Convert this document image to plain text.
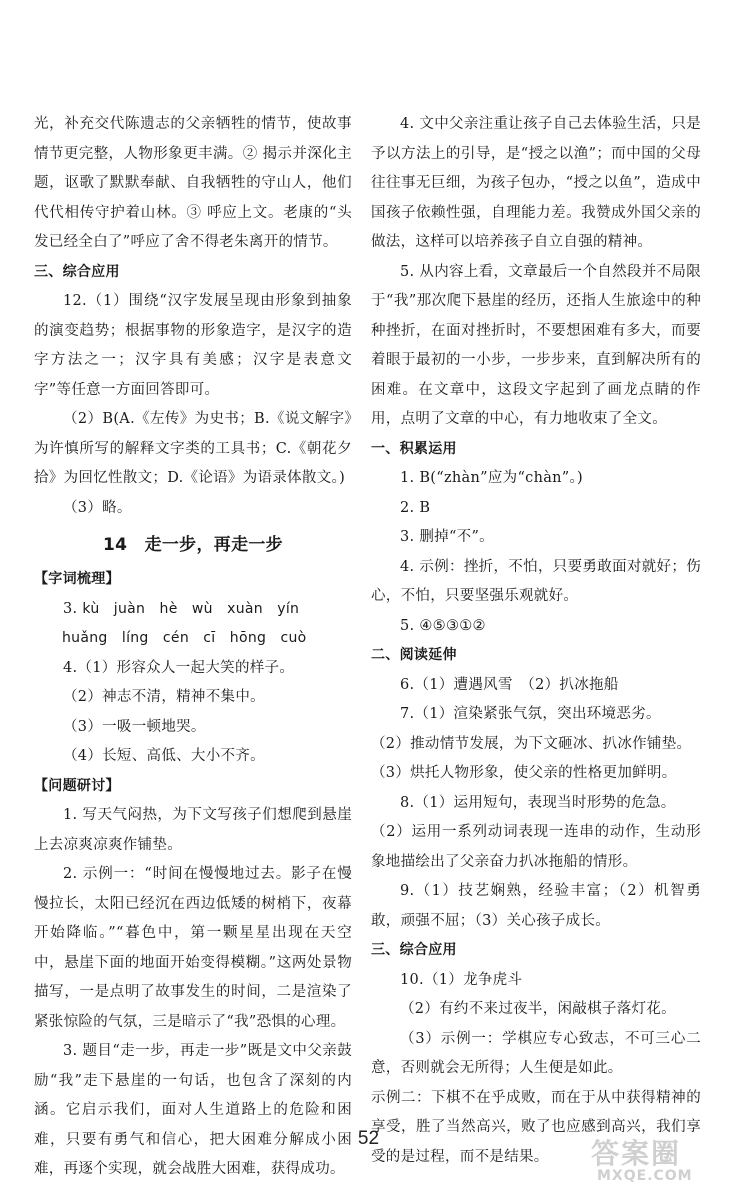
光，补充交代陈遗志的父亲牺牲的情节，使故事情节更完整，人物形象更丰满。② 揭示并深化主题，讴歌了默默奉献、自我牺牲的守山人，他们代代相传守护着山林。③ 呼应上文。老康的“头发已经全白了”呼应了舍不得老朱离开的情节。

三、综合应用

12.（1）围绕“汉字发展呈现由形象到抽象的演变趋势；根据事物的形象造字，是汉字的造字方法之一；汉字具有美感；汉字是表意文字”等任意一方面回答即可。

（2）B(A.《左传》为史书；B.《说文解字》为许慎所写的解释文字类的工具书；C.《朝花夕拾》为回忆性散文；D.《论语》为语录体散文。)

（3）略。

14　走一步，再走一步

【字词梳理】

3. kù　juàn　hè　wù　xuàn　yín

huǎng　líng　cén　cī　hōng　cuò

4.（1）形容众人一起大笑的样子。

（2）神志不清，精神不集中。

（3）一吸一顿地哭。

（4）长短、高低、大小不齐。

【问题研讨】

1. 写天气闷热，为下文写孩子们想爬到悬崖上去凉爽凉爽作铺垫。

2. 示例一：“时间在慢慢地过去。影子在慢慢拉长，太阳已经沉在西边低矮的树梢下，夜幕开始降临。”“暮色中，第一颗星星出现在天空中，悬崖下面的地面开始变得模糊。”这两处景物描写，一是点明了故事发生的时间，二是渲染了紧张惊险的气氛，三是暗示了“我”恐惧的心理。

3. 题目“走一步，再走一步”既是文中父亲鼓励“我”走下悬崖的一句话，也包含了深刻的内涵。它启示我们，面对人生道路上的危险和困难，只要有勇气和信心，把大困难分解成小困难，再逐个实现，就会战胜大困难，获得成功。

4. 文中父亲注重让孩子自己去体验生活，只是予以方法上的引导，是“授之以渔”；而中国的父母往往事无巨细，为孩子包办，“授之以鱼”，造成中国孩子依赖性强，自理能力差。我赞成外国父亲的做法，这样可以培养孩子自立自强的精神。

5. 从内容上看，文章最后一个自然段并不局限于“我”那次爬下悬崖的经历，还指人生旅途中的种种挫折，在面对挫折时，不要想困难有多大，而要着眼于最初的一小步，一步步来，直到解决所有的困难。在文章中，这段文字起到了画龙点睛的作用，点明了文章的中心，有力地收束了全文。

一、积累运用

1. B(“zhàn”应为“chàn”。)

2. B

3. 删掉“不”。

4. 示例：挫折，不怕，只要勇敢面对就好；伤心，不怕，只要坚强乐观就好。

5. ④⑤③①②

二、阅读延伸

6.（1）遭遇风雪　（2）扒冰拖船

7.（1）渲染紧张气氛，突出环境恶劣。

（2）推动情节发展，为下文砸冰、扒冰作铺垫。

（3）烘托人物形象，使父亲的性格更加鲜明。

8.（1）运用短句，表现当时形势的危急。

（2）运用一系列动词表现一连串的动作，生动形象地描绘出了父亲奋力扒冰拖船的情形。

9.（1）技艺娴熟，经验丰富；（2）机智勇敢，顽强不屈；（3）关心孩子成长。

三、综合应用

10.（1）龙争虎斗

（2）有约不来过夜半，闲敲棋子落灯花。

（3）示例一：学棋应专心致志，不可三心二意，否则就会无所得；人生便是如此。

示例二：下棋不在乎成败，而在于从中获得精神的享受，胜了当然高兴，败了也应感到高兴，我们享受的是过程，而不是结果。

52	答案圈
MXQE.COM
